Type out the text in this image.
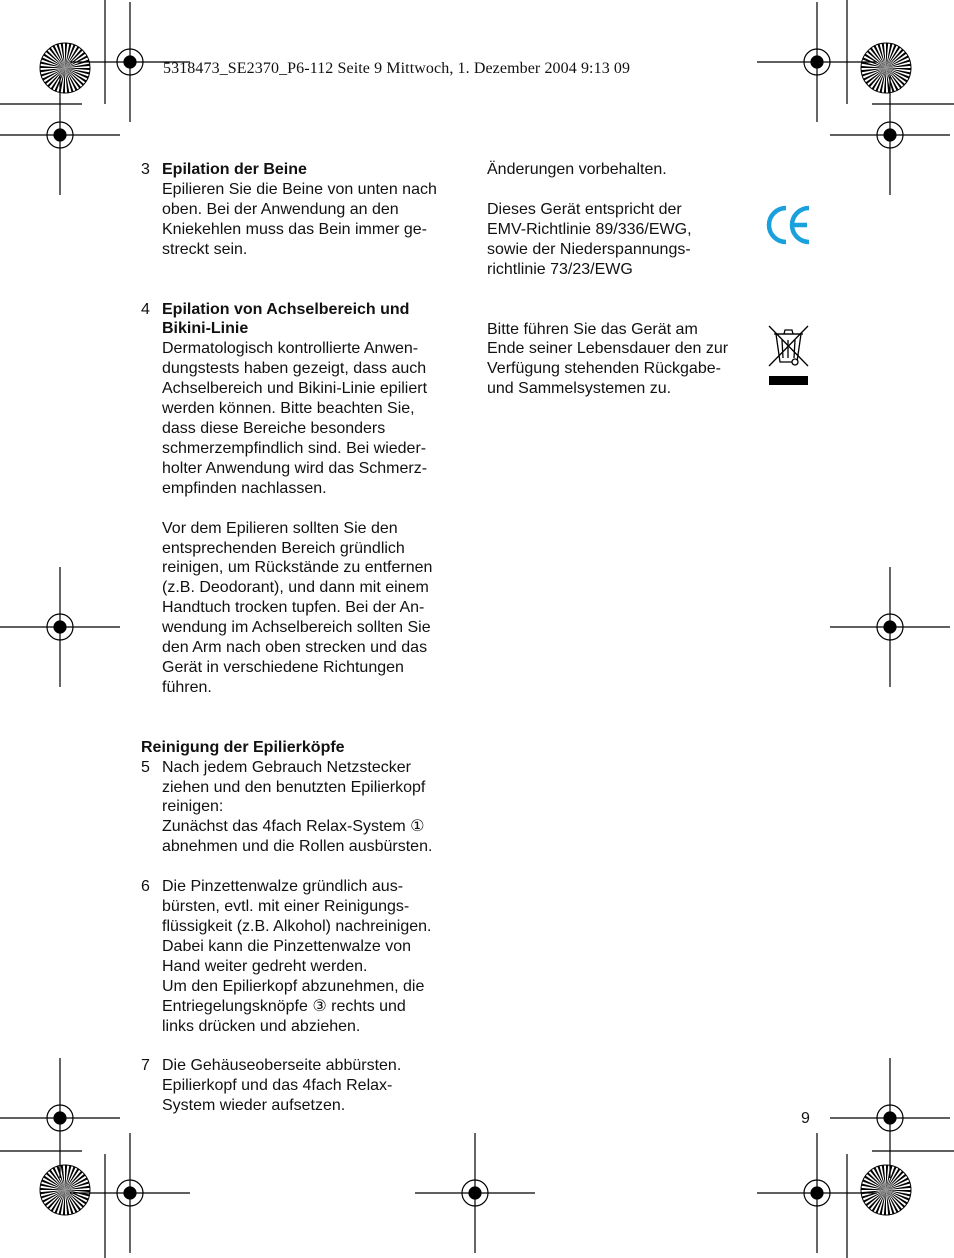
5318473_SE2370_P6-112 Seite 9 Mittwoch, 1. Dezember 2004 9:13 09
3 Epilation der Beine
Epilieren Sie die Beine von unten nach
oben. Bei der Anwendung an den
Kniekehlen muss das Bein immer ge-
streckt sein.
4 Epilation von Achselbereich und
Bikini-Linie
Dermatologisch kontrollierte Anwen-
dungstests haben gezeigt, dass auch
Achselbereich und Bikini-Linie epiliert
werden können. Bitte beachten Sie,
dass diese Bereiche besonders
schmerzempfindlich sind. Bei wieder-
holter Anwendung wird das Schmerz-
empfinden nachlassen.
Vor dem Epilieren sollten Sie den
entsprechenden Bereich gründlich
reinigen, um Rückstände zu entfernen
(z.B. Deodorant), und dann mit einem
Handtuch trocken tupfen. Bei der An-
wendung im Achselbereich sollten Sie
den Arm nach oben strecken und das
Gerät in verschiedene Richtungen
führen.
Reinigung der Epilierköpfe
5 Nach jedem Gebrauch Netzstecker
ziehen und den benutzten Epilierkopf
reinigen:
Zunächst das 4fach Relax-System ①
abnehmen und die Rollen ausbürsten.
6 Die Pinzettenwalze gründlich aus-
bürsten, evtl. mit einer Reinigungs-
flüssigkeit (z.B. Alkohol) nachreinigen.
Dabei kann die Pinzettenwalze von
Hand weiter gedreht werden.
Um den Epilierkopf abzunehmen, die
Entriegelungsknöpfe ③ rechts und
links drücken und abziehen.
7 Die Gehäuseoberseite abbürsten.
Epilierkopf und das 4fach Relax-
System wieder aufsetzen.
Änderungen vorbehalten.
Dieses Gerät entspricht der
EMV-Richtlinie 89/336/EWG,
sowie der Niederspannungs-
richtlinie 73/23/EWG
Bitte führen Sie das Gerät am
Ende seiner Lebensdauer den zur
Verfügung stehenden Rückgabe-
und Sammelsystemen zu.
9
